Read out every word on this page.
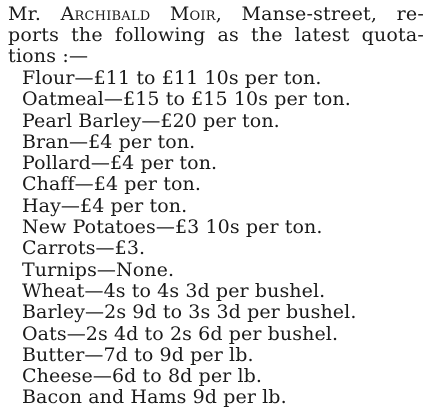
Mr. Archibald Moir, Manse-street, re-
ports the following as the latest quota-
tions :—
Flour—£11 to £11 10s per ton.
Oatmeal—£15 to £15 10s per ton.
Pearl Barley—£20 per ton.
Bran—£4 per ton.
Pollard—£4 per ton.
Chaff—£4 per ton.
Hay—£4 per ton.
New Potatoes—£3 10s per ton.
Carrots—£3.
Turnips—None.
Wheat—4s to 4s 3d per bushel.
Barley—2s 9d to 3s 3d per bushel.
Oats—2s 4d to 2s 6d per bushel.
Butter—7d to 9d per lb.
Cheese—6d to 8d per lb.
Bacon and Hams 9d per lb.
